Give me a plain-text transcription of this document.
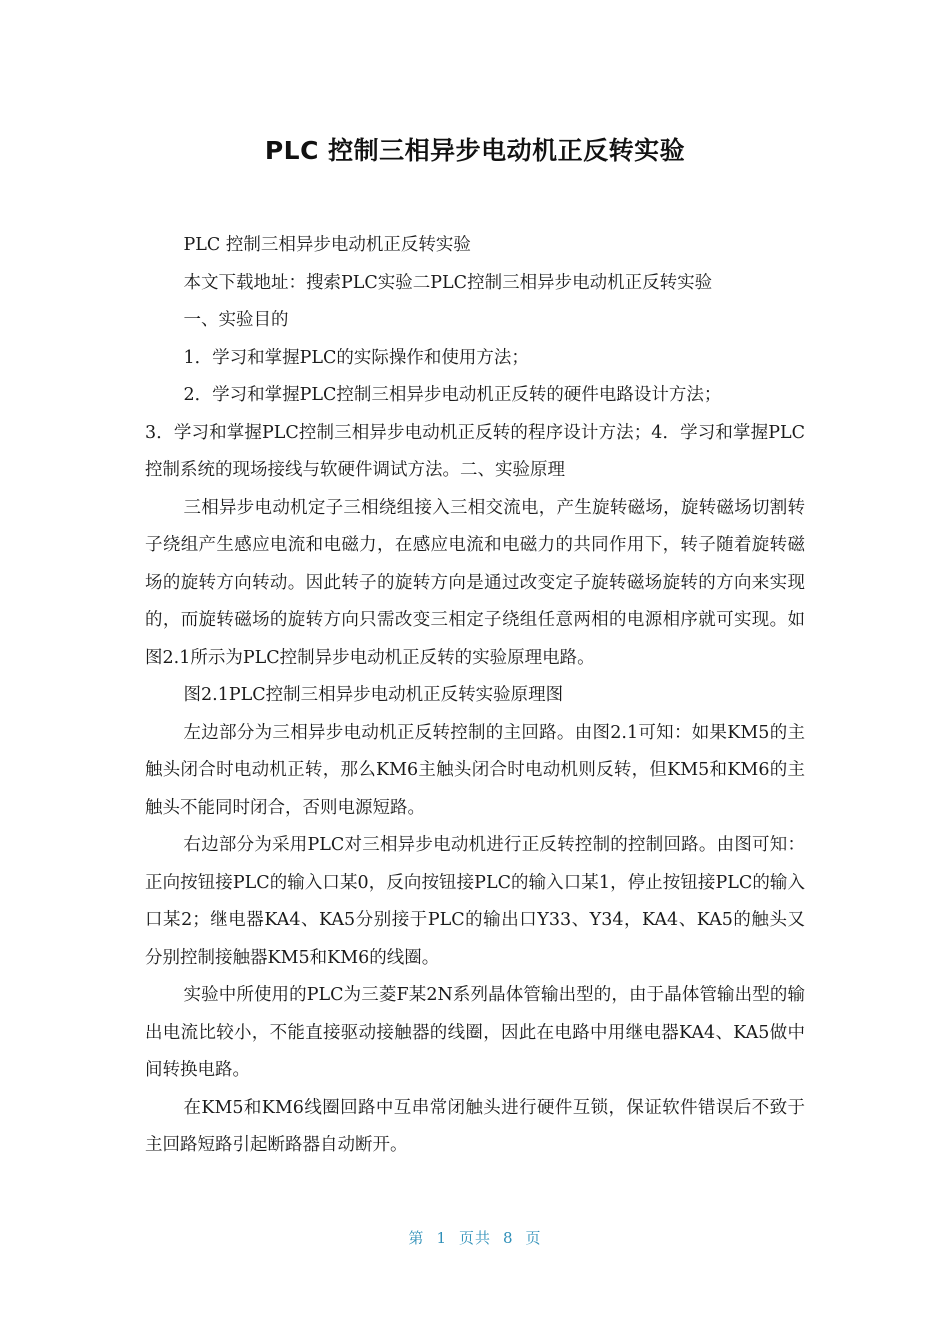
PLC 控制三相异步电动机正反转实验

PLC 控制三相异步电动机正反转实验

本文下载地址：搜索PLC实验二PLC控制三相异步电动机正反转实验

一、实验目的

1．学习和掌握PLC的实际操作和使用方法；

2．学习和掌握PLC控制三相异步电动机正反转的硬件电路设计方法；

3．学习和掌握PLC控制三相异步电动机正反转的程序设计方法；4．学习和掌握PLC控制系统的现场接线与软硬件调试方法。二、实验原理

三相异步电动机定子三相绕组接入三相交流电，产生旋转磁场，旋转磁场切割转子绕组产生感应电流和电磁力，在感应电流和电磁力的共同作用下，转子随着旋转磁场的旋转方向转动。因此转子的旋转方向是通过改变定子旋转磁场旋转的方向来实现的，而旋转磁场的旋转方向只需改变三相定子绕组任意两相的电源相序就可实现。如图2.1所示为PLC控制异步电动机正反转的实验原理电路。

图2.1PLC控制三相异步电动机正反转实验原理图

左边部分为三相异步电动机正反转控制的主回路。由图2.1可知：如果KM5的主触头闭合时电动机正转，那么KM6主触头闭合时电动机则反转，但KM5和KM6的主触头不能同时闭合，否则电源短路。

右边部分为采用PLC对三相异步电动机进行正反转控制的控制回路。由图可知：正向按钮接PLC的输入口某0，反向按钮接PLC的输入口某1，停止按钮接PLC的输入口某2；继电器KA4、KA5分别接于PLC的输出口Y33、Y34，KA4、KA5的触头又分别控制接触器KM5和KM6的线圈。

实验中所使用的PLC为三菱F某2N系列晶体管输出型的，由于晶体管输出型的输出电流比较小，不能直接驱动接触器的线圈，因此在电路中用继电器KA4、KA5做中间转换电路。

在KM5和KM6线圈回路中互串常闭触头进行硬件互锁，保证软件错误后不致于主回路短路引起断路器自动断开。

第 1 页共 8 页
